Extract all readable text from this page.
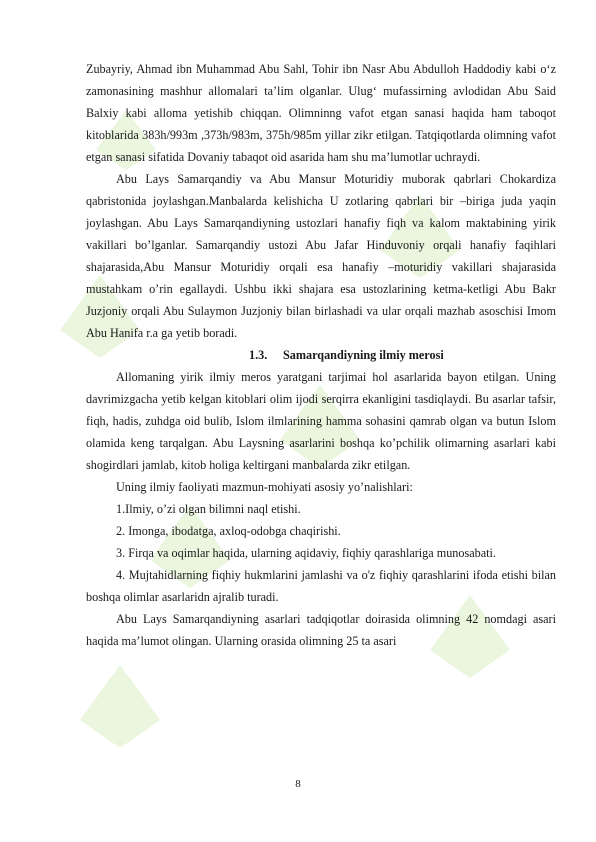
Zubayriy, Ahmad ibn Muhammad Abu Sahl, Tohir ibn Nasr Abu Abdulloh Haddodiy kabi o‘z zamonasining mashhur allomalari ta’lim olganlar. Ulug‘ mufassirning avlodidan Abu Said Balxiy kabi alloma yetishib chiqqan. Olimninng vafot etgan sanasi haqida ham taboqot kitoblarida 383h/993m ,373h/983m, 375h/985m yillar zikr etilgan. Tatqiqotlarda olimning vafot etgan sanasi sifatida Dovaniy tabaqot oid asarida ham shu ma’lumotlar uchraydi.

Abu Lays Samarqandiy va Abu Mansur Moturidiy muborak qabrlari Chokardiza qabristonida joylashgan.Manbalarda kelishicha U zotlaring qabrlari bir –biriga juda yaqin joylashgan. Abu Lays Samarqandiyning ustozlari hanafiy fiqh va kalom maktabining yirik vakillari bo’lganlar. Samarqandiy ustozi Abu Jafar Hinduvoniy orqali hanafiy faqihlari shajarasida,Abu Mansur Moturidiy orqali esa hanafiy –moturidiy vakillari shajarasida mustahkam o’rin egallaydi. Ushbu ikki shajara esa ustozlarining ketma-ketligi Abu Bakr Juzjoniy orqali Abu Sulaymon Juzjoniy bilan birlashadi va ular orqali mazhab asoschisi Imom Abu Hanifa r.a ga yetib boradi.

1.3. Samarqandiyning ilmiy merosi

Allomaning yirik ilmiy meros yaratgani tarjimai hol asarlarida bayon etilgan. Uning davrimizgacha yetib kelgan kitoblari olim ijodi serqirra ekanligini tasdiqlaydi. Bu asarlar tafsir, fiqh, hadis, zuhdga oid bulib, Islom ilmlarining hamma sohasini qamrab olgan va butun Islom olamida keng tarqalgan. Abu Laysning asarlarini boshqa ko’pchilik olimarning asarlari kabi shogirdlari jamlab, kitob holiga keltirgani manbalarda zikr etilgan.

Uning ilmiy faoliyati mazmun-mohiyati asosiy yo’nalishlari:

1.Ilmiy, o’zi olgan bilimni naql etishi.

2. Imonga, ibodatga, axloq-odobga chaqirishi.

3. Firqa va oqimlar haqida, ularning aqidaviy, fiqhiy qarashlariga munosabati.

4. Mujtahidlarning fiqhiy hukmlarini jamlashi va o'z fiqhiy qarashlarini ifoda etishi bilan boshqa olimlar asarlaridn ajralib turadi.

Abu Lays Samarqandiyning asarlari tadqiqotlar doirasida olimning 42 nomdagi asari haqida ma’lumot olingan. Ularning orasida olimning 25 ta asari

8
